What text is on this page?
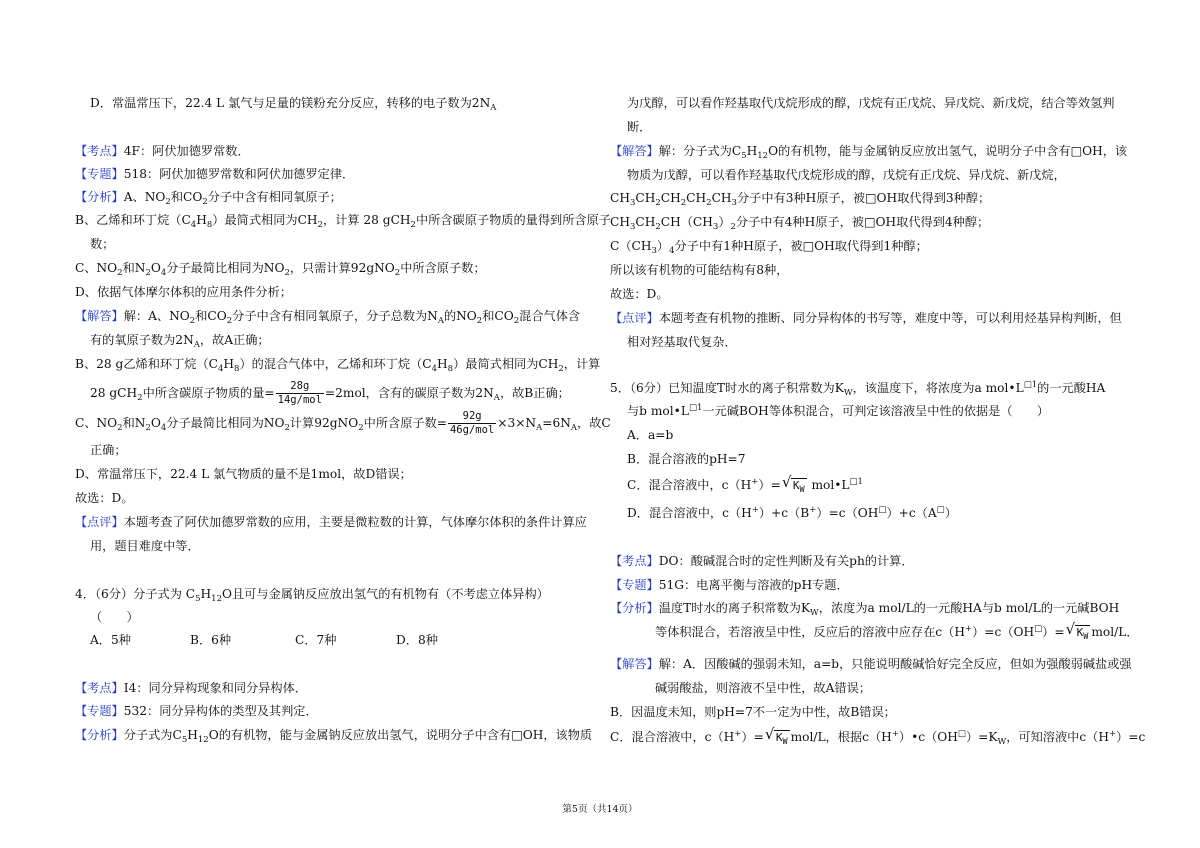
D．常温常压下，22.4 L 氯气与足量的镁粉充分反应，转移的电子数为$2N_A$
【考点】4F：阿伏加德罗常数．
【专题】518：阿伏加德罗常数和阿伏加德罗定律．
【分析】A、$NO_2$和$CO_2$分子中含有相同氧原子；
B、乙烯和环丁烷$(C_4H_8)$最简式相同为$CH_2$，计算 28 gCH$_2$中所含碳原子物质的量得到所含原子
数；
C、$NO_2$和$N_2O_4$分子最简比相同为$NO_2$，只需计算92gNO$_2$中所含原子数；
D、依据气体摩尔体积的应用条件分析；
【解答】解：A、$NO_2$和$CO_2$分子中含有相同氧原子，分子总数为$N_A$的$NO_2$和$CO_2$混合气体含
有的氧原子数为$2N_A$，故A正确；
B、28 g乙烯和环丁烷$(C_4H_8)$的混合气体中，乙烯和环丁烷$(C_4H_8)$最简式相同为$CH_2$，计算
28 gCH$_2$中所含碳原子物质的量= $\frac{28g}{\text{14g/mol}} =2mol$，含有的碳原子数为$2N_A$，故B正确；
C、$NO_2$和$N_2O_4$分子最简比相同为$NO_2$计算92gNO$_2$中所含原子数= $\frac{92g}{\text{46g/mol}} \times 3\times N_A=6N_A$，故C
正确；
D、常温常压下，22.4 L 氯气物质的量不是1mol，故D错误；
故选：D。
【点评】本题考查了阿伏加德罗常数的应用，主要是微粒数的计算，气体摩尔体积的条件计算应
用，题目难度中等．
4．（6分）分子式为 $C_5H_{12}O$且可与金属钠反应放出氢气的有机物有（不考虑立体异构）
（　　）
A．5种	B．6种	C．7种	D．8种
【考点】I4：同分异构现象和同分异构体．
【专题】532：同分异构体的类型及其判定．
【分析】分子式为$C_5H_{12}O$的有机物，能与金属钠反应放出氢气，说明分子中含有□OH，该物质
为戊醇，可以看作羟基取代戊烷形成的醇，戊烷有正戊烷、异戊烷、新戊烷，结合等效氢判
断．
【解答】解：分子式为$C_5H_{12}O$的有机物，能与金属钠反应放出氢气，说明分子中含有□OH，该
物质为戊醇，可以看作羟基取代戊烷形成的醇，戊烷有正戊烷、异戊烷、新戊烷，
$CH_3CH_2CH_2CH_2CH_3$分子中有3种H原子，被□OH取代得到3种醇；
$CH_3CH_2CH(CH_3)_2$分子中有4种H原子，被□OH取代得到4种醇；
$C(CH_3)_4$分子中有1种H原子，被□OH取代得到1种醇；
所以该有机物的可能结构有8种，
故选：D。
【点评】本题考查有机物的推断、同分异构体的书写等，难度中等，可以利用烃基异构判断，但
相对羟基取代复杂．
5．（6分）已知温度T时水的离子积常数为$K_W$，该温度下，将浓度为a $mol•L^{□1}$的一元酸HA
与b $mol•L^{□1}$一元碱BOH等体积混合，可判定该溶液呈中性的依据是（　　）
A．a=b
B．混合溶液的pH=7
C．混合溶液中，c（H+）= √ $K_W$ $mol•L^{□1}$
D．混合溶液中，c（H+）+c（B+）=c（OH□）+c（A□）
【考点】DO：酸碱混合时的定性判断及有关ph的计算．
【专题】51G：电离平衡与溶液的pH专题．
【分析】温度T时水的离子积常数为$K_W$，浓度为a mol/L的一元酸HA与b mol/L的一元碱BOH
等体积混合，若溶液呈中性，反应后的溶液中应存在c（H+）=c（OH□）= √ $K_W$ mol/L．
【解答】解：A．因酸碱的强弱未知，a=b，只能说明酸碱恰好完全反应，但如为强酸弱碱盐或强
碱弱酸盐，则溶液不呈中性，故A错误；
B．因温度未知，则pH=7不一定为中性，故B错误；
C．混合溶液中，c（H+）= √ $K_W$ mol/L，根据$c(H^+)•c(OH^□)=K_W$，可知溶液中c（H+）=c
第5页（共14页）
